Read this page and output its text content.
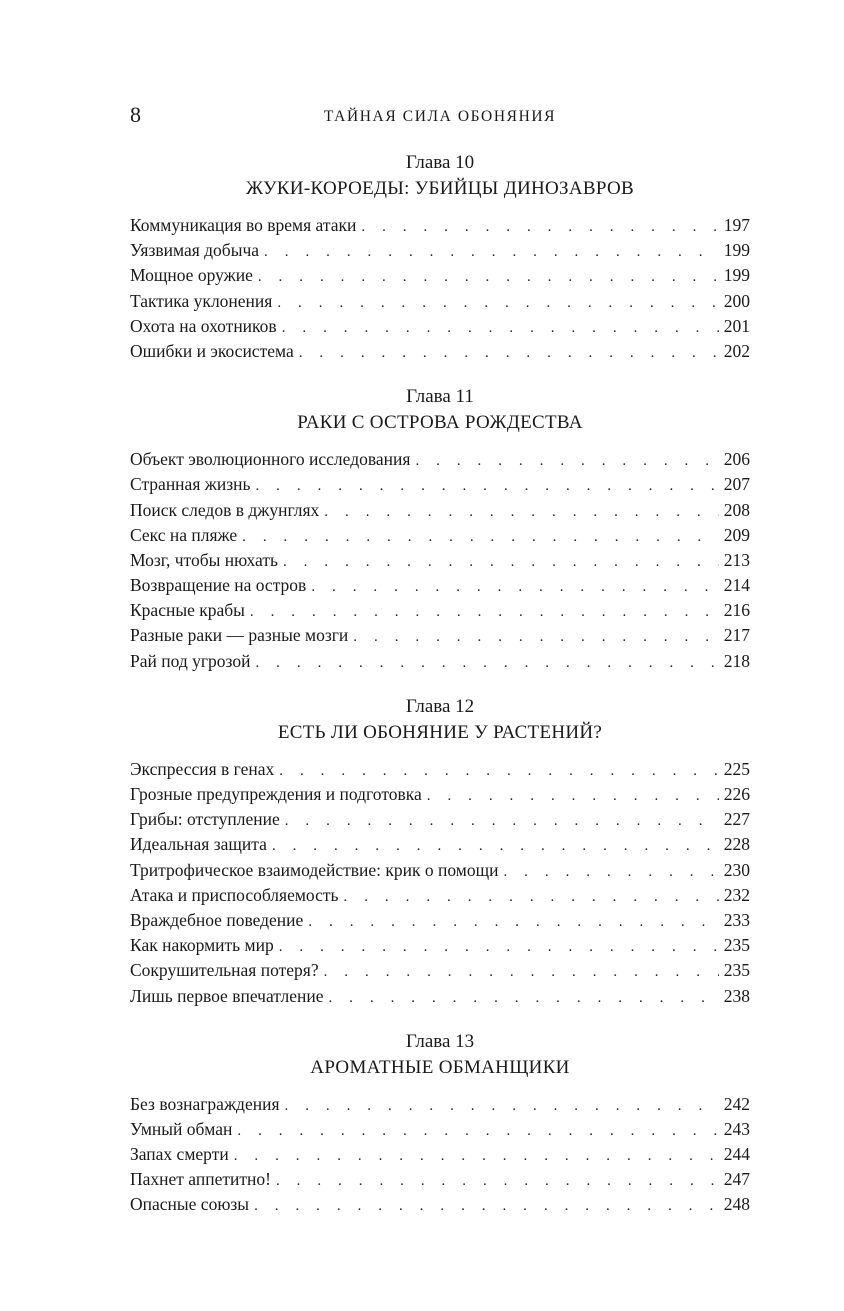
8	ТАЙНАЯ СИЛА ОБОНЯНИЯ
Глава 10
ЖУКИ-КОРОЕДЫ: УБИЙЦЫ ДИНОЗАВРОВ
Коммуникация во время атаки . . .	197
Уязвимая добыча . . .	199
Мощное оружие . . .	199
Тактика уклонения . . .	200
Охота на охотников . . .	201
Ошибки и экосистема . . .	202
Глава 11
РАКИ С ОСТРОВА РОЖДЕСТВА
Объект эволюционного исследования . . .	206
Странная жизнь . . .	207
Поиск следов в джунглях . . .	208
Секс на пляже . . .	209
Мозг, чтобы нюхать . . .	213
Возвращение на остров . . .	214
Красные крабы . . .	216
Разные раки — разные мозги . . .	217
Рай под угрозой . . .	218
Глава 12
ЕСТЬ ЛИ ОБОНЯНИЕ У РАСТЕНИЙ?
Экспрессия в генах . . .	225
Грозные предупреждения и подготовка . . .	226
Грибы: отступление . . .	227
Идеальная защита . . .	228
Тритрофическое взаимодействие: крик о помощи . . .	230
Атака и приспособляемость . . .	232
Враждебное поведение . . .	233
Как накормить мир . . .	235
Сокрушительная потеря? . . .	235
Лишь первое впечатление . . .	238
Глава 13
АРОМАТНЫЕ ОБМАНЩИКИ
Без вознаграждения . . .	242
Умный обман . . .	243
Запах смерти . . .	244
Пахнет аппетитно! . . .	247
Опасные союзы . . .	248
